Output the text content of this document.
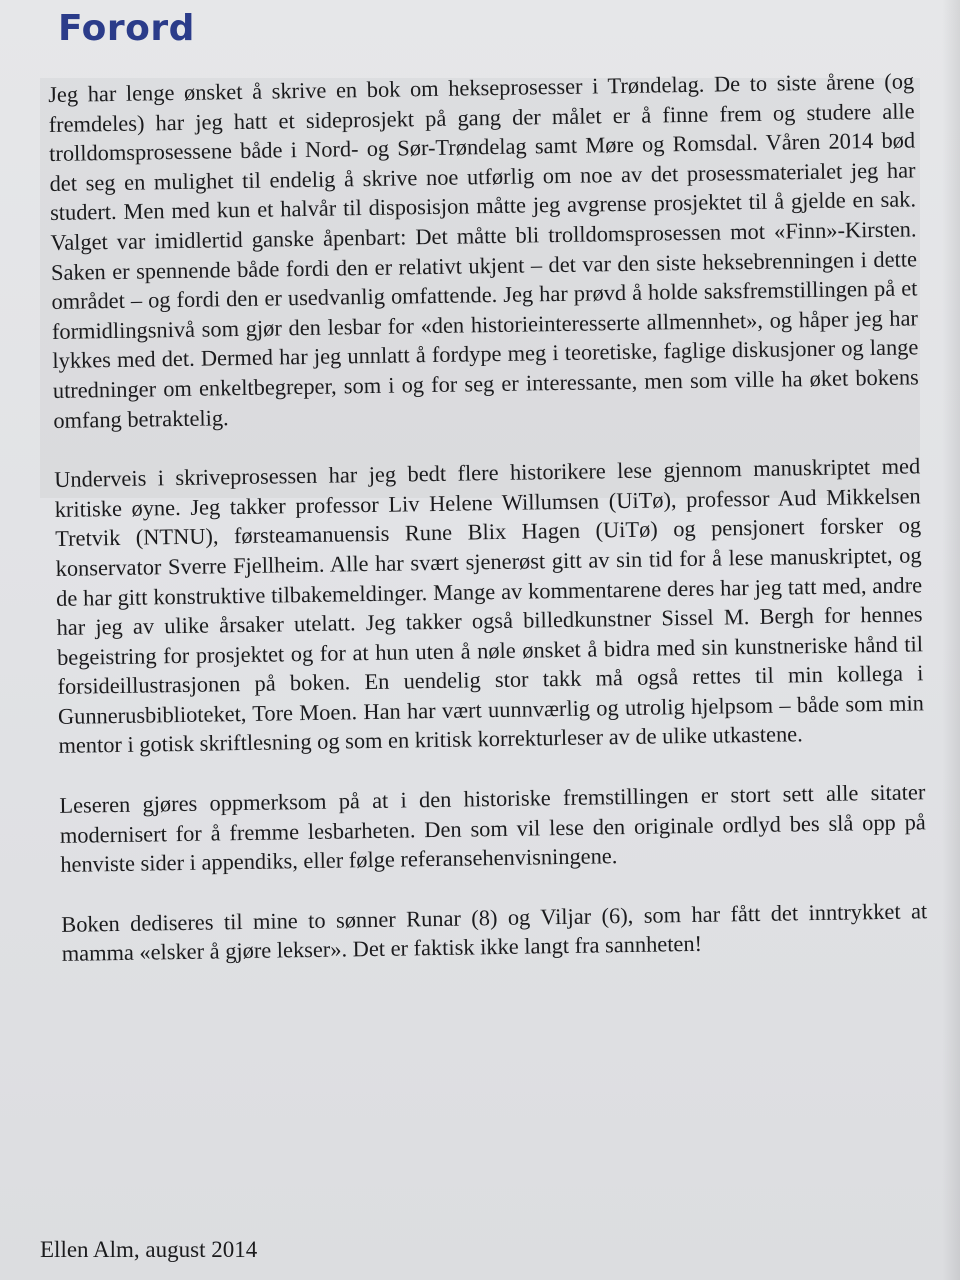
Forord

Jeg har lenge ønsket å skrive en bok om hekseprosesser i Trøndelag. De to siste årene (og fremdeles) har jeg hatt et sideprosjekt på gang der målet er å finne frem og studere alle trolldomsprosessene både i Nord- og Sør-Trøndelag samt Møre og Romsdal. Våren 2014 bød det seg en mulighet til endelig å skrive noe utførlig om noe av det prosessmaterialet jeg har studert. Men med kun et halvår til disposisjon måtte jeg avgrense prosjektet til å gjelde en sak. Valget var imidlertid ganske åpenbart: Det måtte bli trolldomsprosessen mot «Finn»-Kirsten. Saken er spennende både fordi den er relativt ukjent – det var den siste heksebrenningen i dette området – og fordi den er usedvanlig omfattende. Jeg har prøvd å holde saksfremstillingen på et formidlingsnivå som gjør den lesbar for «den historieinteresserte allmennhet», og håper jeg har lykkes med det. Dermed har jeg unnlatt å fordype meg i teoretiske, faglige diskusjoner og lange utredninger om enkeltbegreper, som i og for seg er interessante, men som ville ha øket bokens omfang betraktelig.

Underveis i skriveprosessen har jeg bedt flere historikere lese gjennom manuskriptet med kritiske øyne. Jeg takker professor Liv Helene Willumsen (UiTø), professor Aud Mikkelsen Tretvik (NTNU), førsteamanuensis Rune Blix Hagen (UiTø) og pensjonert forsker og konservator Sverre Fjellheim. Alle har svært sjenerøst gitt av sin tid for å lese manuskriptet, og de har gitt konstruktive tilbakemeldinger. Mange av kommentarene deres har jeg tatt med, andre har jeg av ulike årsaker utelatt. Jeg takker også billedkunstner Sissel M. Bergh for hennes begeistring for prosjektet og for at hun uten å nøle ønsket å bidra med sin kunstneriske hånd til forsideillustrasjonen på boken. En uendelig stor takk må også rettes til min kollega i Gunnerusbiblioteket, Tore Moen. Han har vært uunnværlig og utrolig hjelpsom – både som min mentor i gotisk skriftlesning og som en kritisk korrekturleser av de ulike utkastene.

Leseren gjøres oppmerksom på at i den historiske fremstillingen er stort sett alle sitater modernisert for å fremme lesbarheten. Den som vil lese den originale ordlyd bes slå opp på henviste sider i appendiks, eller følge referansehenvisningene.

Boken dediseres til mine to sønner Runar (8) og Viljar (6), som har fått det inntrykket at mamma «elsker å gjøre lekser». Det er faktisk ikke langt fra sannheten!

Ellen Alm, august 2014
